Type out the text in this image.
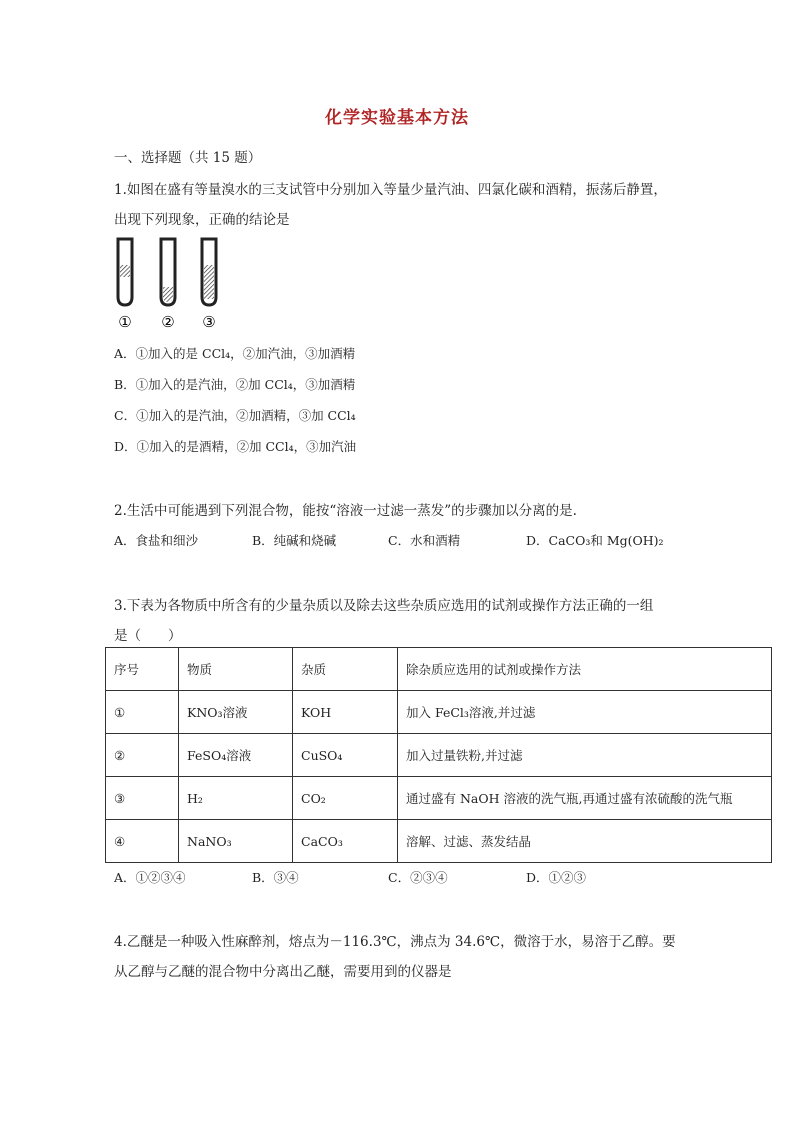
化学实验基本方法
一、选择题（共 15 题）
1.如图在盛有等量溴水的三支试管中分别加入等量少量汽油、四氯化碳和酒精，振荡后静置，
出现下列现象，正确的结论是
① ② ③
A．①加入的是 CCl₄，②加汽油，③加酒精
B．①加入的是汽油，②加 CCl₄，③加酒精
C．①加入的是汽油，②加酒精，③加 CCl₄
D．①加入的是酒精，②加 CCl₄，③加汽油
2.生活中可能遇到下列混合物，能按“溶液一过滤一蒸发”的步骤加以分离的是.
A．食盐和细沙	B．纯碱和烧碱	C．水和酒精	D．CaCO₃和 Mg(OH)₂
3.下表为各物质中所含有的少量杂质以及除去这些杂质应选用的试剂或操作方法正确的一组
是（　　）
序号	物质	杂质	除杂质应选用的试剂或操作方法
①	KNO₃溶液	KOH	加入 FeCl₃溶液,并过滤
②	FeSO₄溶液	CuSO₄	加入过量铁粉,并过滤
③	H₂	CO₂	通过盛有 NaOH 溶液的洗气瓶,再通过盛有浓硫酸的洗气瓶
④	NaNO₃	CaCO₃	溶解、过滤、蒸发结晶
A．①②③④	B．③④	C．②③④	D．①②③
4.乙醚是一种吸入性麻醉剂，熔点为－116.3℃，沸点为 34.6℃，微溶于水，易溶于乙醇。要
从乙醇与乙醚的混合物中分离出乙醚，需要用到的仪器是
